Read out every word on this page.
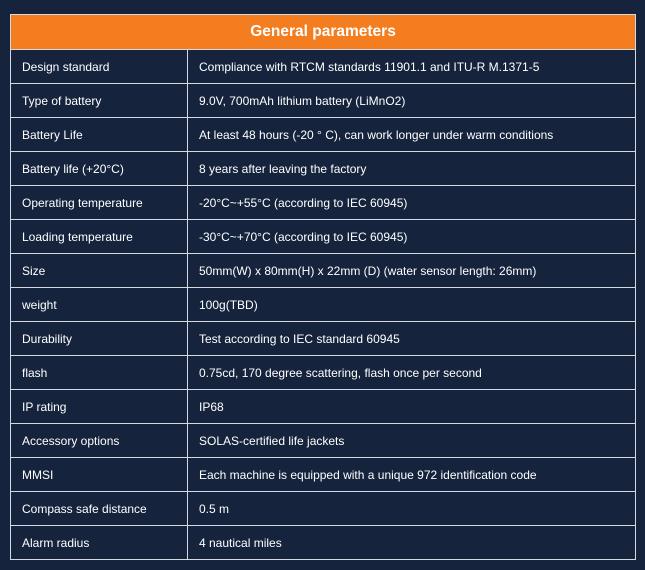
General parameters	
Design standard	Compliance with RTCM standards 11901.1 and ITU-R M.1371-5
Type of battery	9.0V, 700mAh lithium battery (LiMnO2)
Battery Life	At least 48 hours (-20 ° C), can work longer under warm conditions
Battery life (+20°C)	8 years after leaving the factory
Operating temperature	-20°C~+55°C (according to IEC 60945)
Loading temperature	-30°C~+70°C (according to IEC 60945)
Size	50mm(W) x 80mm(H) x 22mm (D) (water sensor length: 26mm)
weight	100g(TBD)
Durability	Test according to IEC standard 60945
flash	0.75cd, 170 degree scattering, flash once per second
IP rating	IP68
Accessory options	SOLAS-certified life jackets
MMSI	Each machine is equipped with a unique 972 identification code
Compass safe distance	0.5 m
Alarm radius	4 nautical miles
